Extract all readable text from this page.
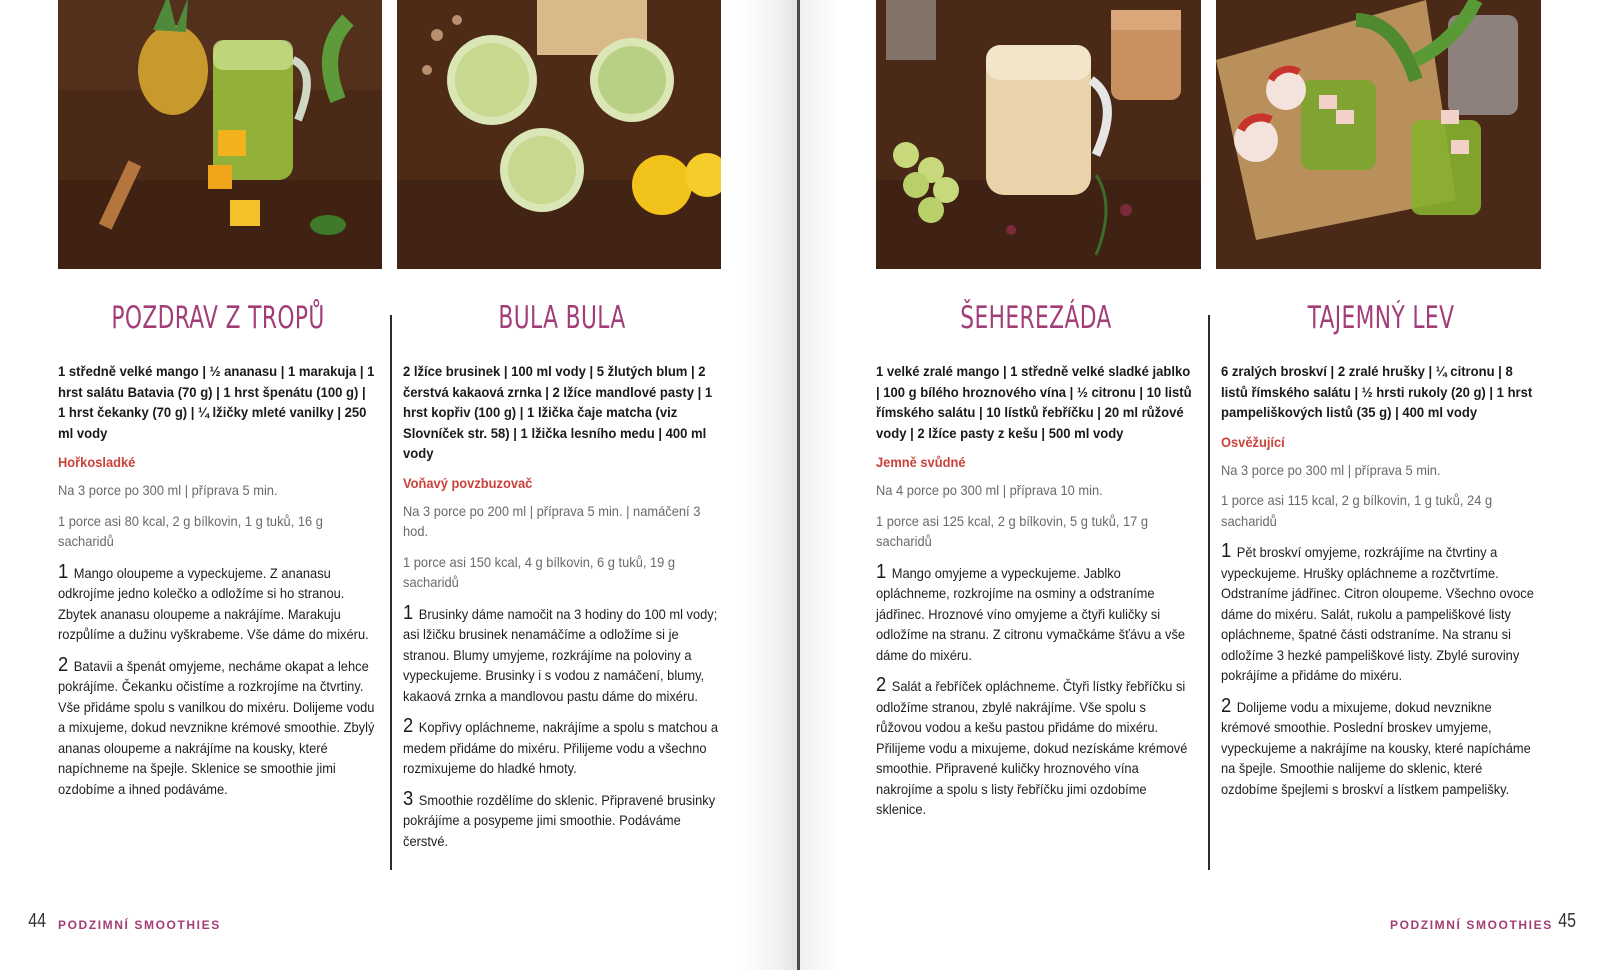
POZDRAV Z TROPŮ

1 středně velké mango | ½ ananasu | 1 marakuja | 1 hrst salátu Batavia (70 g) | 1 hrst špenátu (100 g) | 1 hrst čekanky (70 g) | ¼ lžičky mleté vanilky | 250 ml vody

Hořkosladké

Na 3 porce po 300 ml | příprava 5 min.

1 porce asi 80 kcal, 2 g bílkovin, 1 g tuků, 16 g sacharidů

1 Mango oloupeme a vypeckujeme. Z ananasu odkrojíme jedno kolečko a odložíme si ho stranou. Zbytek ananasu oloupeme a nakrájíme. Marakuju rozpůlíme a dužinu vyškrabeme. Vše dáme do mixéru.

2 Batavii a špenát omyjeme, necháme okapat a lehce pokrájíme. Čekanku očistíme a rozkrojíme na čtvrtiny. Vše přidáme spolu s vanilkou do mixéru. Dolijeme vodu a mixujeme, dokud nevznikne krémové smoothie. Zbylý ananas oloupeme a nakrájíme na kousky, které napíchneme na špejle. Sklenice se smoothie jimi ozdobíme a ihned podáváme.

BULA BULA

2 lžíce brusinek | 100 ml vody | 5 žlutých blum | 2 čerstvá kakaová zrnka | 2 lžíce mandlové pasty | 1 hrst kopřiv (100 g) | 1 lžička čaje matcha (viz Slovníček str. 58) | 1 lžička lesního medu | 400 ml vody

Voňavý povzbuzovač

Na 3 porce po 200 ml | příprava 5 min. | namáčení 3 hod.

1 porce asi 150 kcal, 4 g bílkovin, 6 g tuků, 19 g sacharidů

1 Brusinky dáme namočit na 3 hodiny do 100 ml vody; asi lžičku brusinek nenamáčíme a odložíme si je stranou. Blumy umyjeme, rozkrájíme na poloviny a vypeckujeme. Brusinky i s vodou z namáčení, blumy, kakaová zrnka a mandlovou pastu dáme do mixéru.

2 Kopřivy opláchneme, nakrájíme a spolu s matchou a medem přidáme do mixéru. Přilijeme vodu a všechno rozmixujeme do hladké hmoty.

3 Smoothie rozdělíme do sklenic. Připravené brusinky pokrájíme a posypeme jimi smoothie. Podáváme čerstvé.

ŠEHEREZÁDA

1 velké zralé mango | 1 středně velké sladké jablko | 100 g bílého hroznového vína | ½ citronu | 10 listů římského salátu | 10 lístků řebříčku | 20 ml růžové vody | 2 lžíce pasty z kešu | 500 ml vody

Jemně svůdné

Na 4 porce po 300 ml | příprava 10 min.

1 porce asi 125 kcal, 2 g bílkovin, 5 g tuků, 17 g sacharidů

1 Mango omyjeme a vypeckujeme. Jablko opláchneme, rozkrojíme na osminy a odstraníme jádřinec. Hroznové víno omyjeme a čtyři kuličky si odložíme na stranu. Z citronu vymačkáme šťávu a vše dáme do mixéru.

2 Salát a řebříček opláchneme. Čtyři lístky řebříčku si odložíme stranou, zbylé nakrájíme. Vše spolu s růžovou vodou a kešu pastou přidáme do mixéru. Přilijeme vodu a mixujeme, dokud nezískáme krémové smoothie. Připravené kuličky hroznového vína nakrojíme a spolu s listy řebříčku jimi ozdobíme sklenice.

TAJEMNÝ LEV

6 zralých broskví | 2 zralé hrušky | ¼ citronu | 8 listů římského salátu | ½ hrsti rukoly (20 g) | 1 hrst pampeliškových listů (35 g) | 400 ml vody

Osvěžující

Na 3 porce po 300 ml | příprava 5 min.

1 porce asi 115 kcal, 2 g bílkovin, 1 g tuků, 24 g sacharidů

1 Pět broskví omyjeme, rozkrájíme na čtvrtiny a vypeckujeme. Hrušky opláchneme a rozčtvrtíme. Odstraníme jádřinec. Citron oloupeme. Všechno ovoce dáme do mixéru. Salát, rukolu a pampeliškové listy opláchneme, špatné části odstraníme. Na stranu si odložíme 3 hezké pampeliškové listy. Zbylé suroviny pokrájíme a přidáme do mixéru.

2 Dolijeme vodu a mixujeme, dokud nevznikne krémové smoothie. Poslední broskev umyjeme, vypeckujeme a nakrájíme na kousky, které napícháme na špejle. Smoothie nalijeme do sklenic, které ozdobíme špejlemi s broskví a lístkem pampelišky.

44 PODZIMNÍ SMOOTHIES	PODZIMNÍ SMOOTHIES 45
